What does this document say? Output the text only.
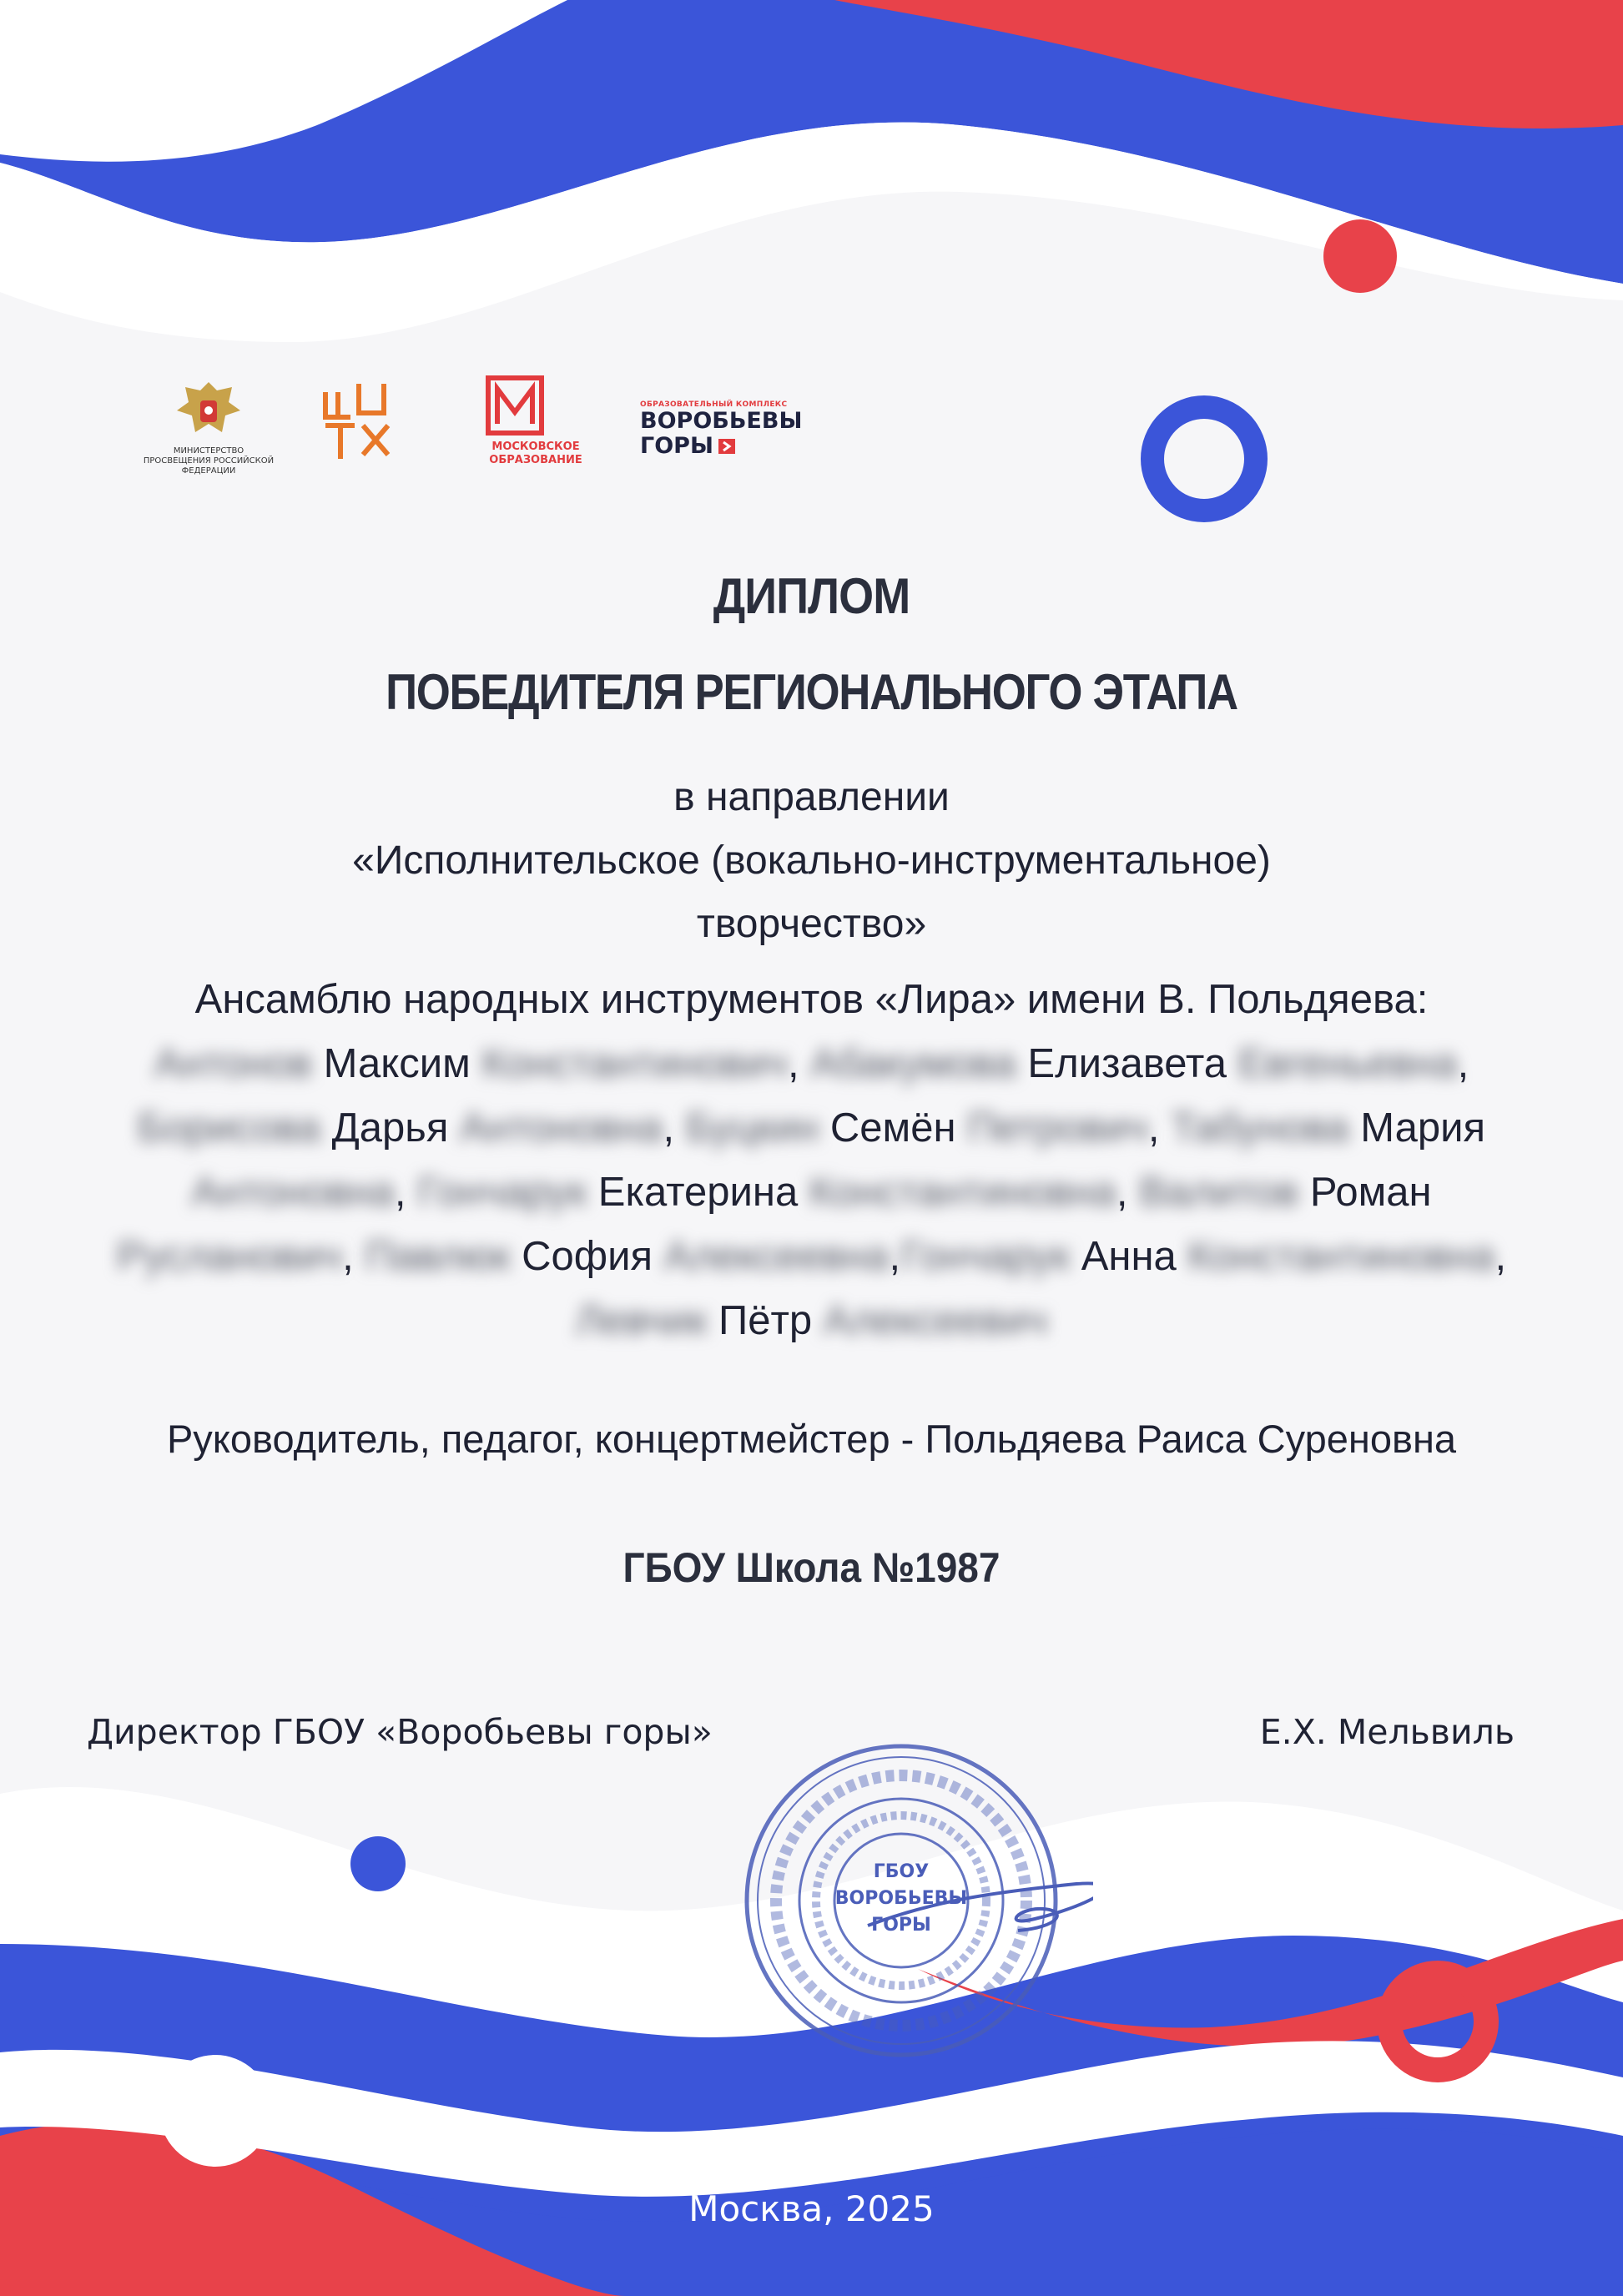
МИНИСТЕРСТВО ПРОСВЕЩЕНИЯ РОССИЙСКОЙ ФЕДЕРАЦИИ
МОСКОВСКОЕ ОБРАЗОВАНИЕ
ОБРАЗОВАТЕЛЬНЫЙ КОМПЛЕКС
ВОРОБЬЕВЫ
ГОРЫ
ДИПЛОМ
ПОБЕДИТЕЛЯ РЕГИОНАЛЬНОГО ЭТАПА
в направлении
«Исполнительское (вокально-инструментальное)
творчество»
Ансамблю народных инструментов «Лира» имени В. Польдяева:
Антонов Максим Константинович, Абакумова Елизавета Евгеньевна, Борисова Дарья Антоновна, Буцкин Семён Петрович, Табунова Мария Антоновна, Гончарук Екатерина Константиновна, Валитов Роман Русланович, Павлюк София Алексеевна,Гончарук Анна Константиновна, Левчик Пётр Алексеевич
Руководитель, педагог, концертмейстер - Польдяева Раиса Суреновна
ГБОУ Школа №1987
Директор ГБОУ «Воробьевы горы»	Е.Х. Мельвиль
ГБОУ
ВОРОБЬЕВЫ
ГОРЫ
Москва, 2025
